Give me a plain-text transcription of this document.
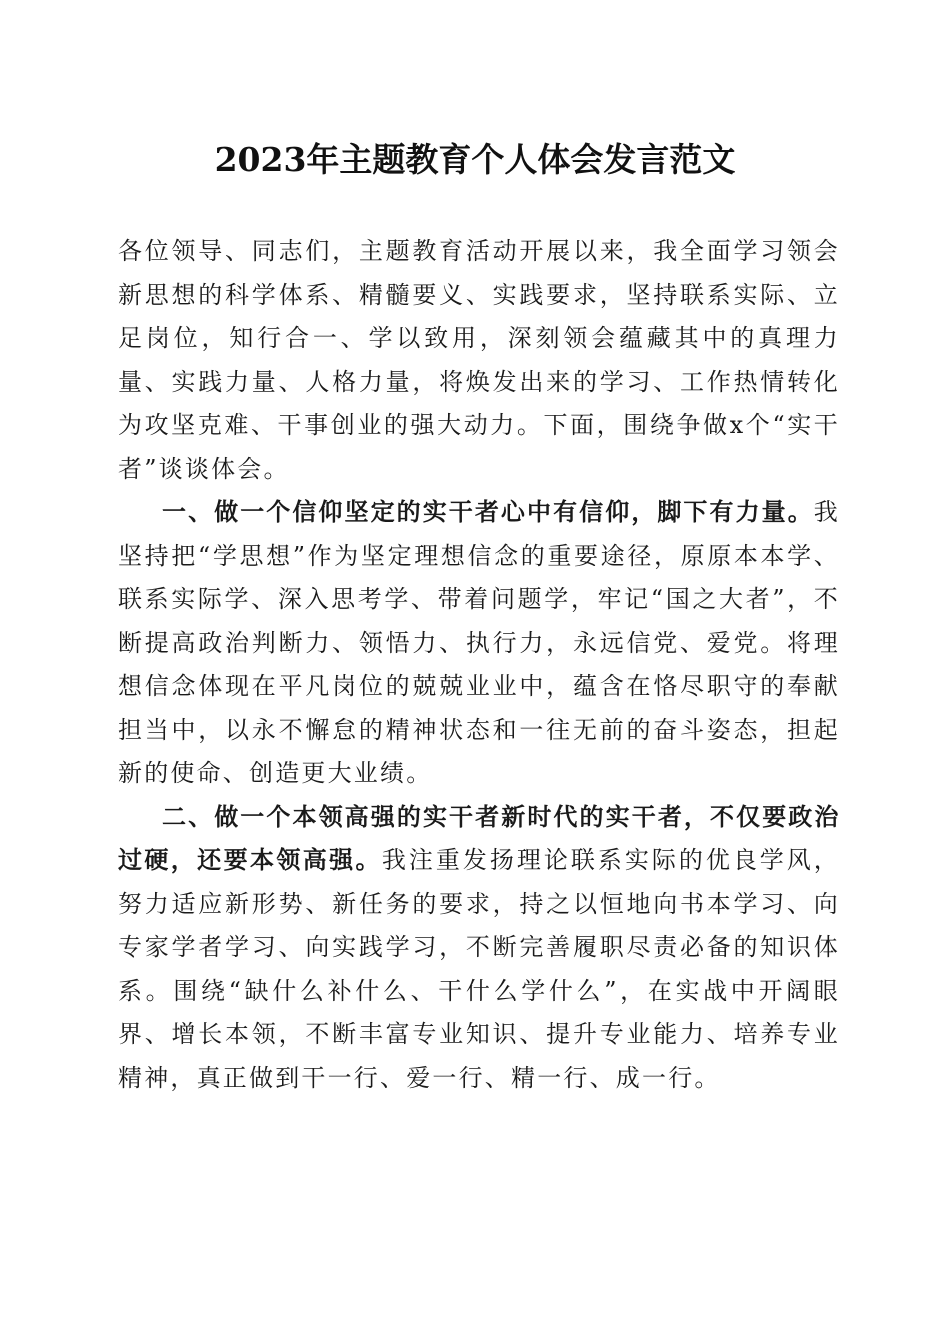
2023年主题教育个人体会发言范文

各位领导、同志们，主题教育活动开展以来，我全面学习领会新思想的科学体系、精髓要义、实践要求，坚持联系实际、立足岗位，知行合一、学以致用，深刻领会蕴藏其中的真理力量、实践力量、人格力量，将焕发出来的学习、工作热情转化为攻坚克难、干事创业的强大动力。下面，围绕争做x个“实干者”谈谈体会。

一、做一个信仰坚定的实干者心中有信仰，脚下有力量。我坚持把“学思想”作为坚定理想信念的重要途径，原原本本学、联系实际学、深入思考学、带着问题学，牢记“国之大者”，不断提高政治判断力、领悟力、执行力，永远信党、爱党。将理想信念体现在平凡岗位的兢兢业业中，蕴含在恪尽职守的奉献担当中，以永不懈怠的精神状态和一往无前的奋斗姿态，担起新的使命、创造更大业绩。

二、做一个本领高强的实干者新时代的实干者，不仅要政治过硬，还要本领高强。我注重发扬理论联系实际的优良学风，努力适应新形势、新任务的要求，持之以恒地向书本学习、向专家学者学习、向实践学习，不断完善履职尽责必备的知识体系。围绕“缺什么补什么、干什么学什么”，在实战中开阔眼界、增长本领，不断丰富专业知识、提升专业能力、培养专业精神，真正做到干一行、爱一行、精一行、成一行。
